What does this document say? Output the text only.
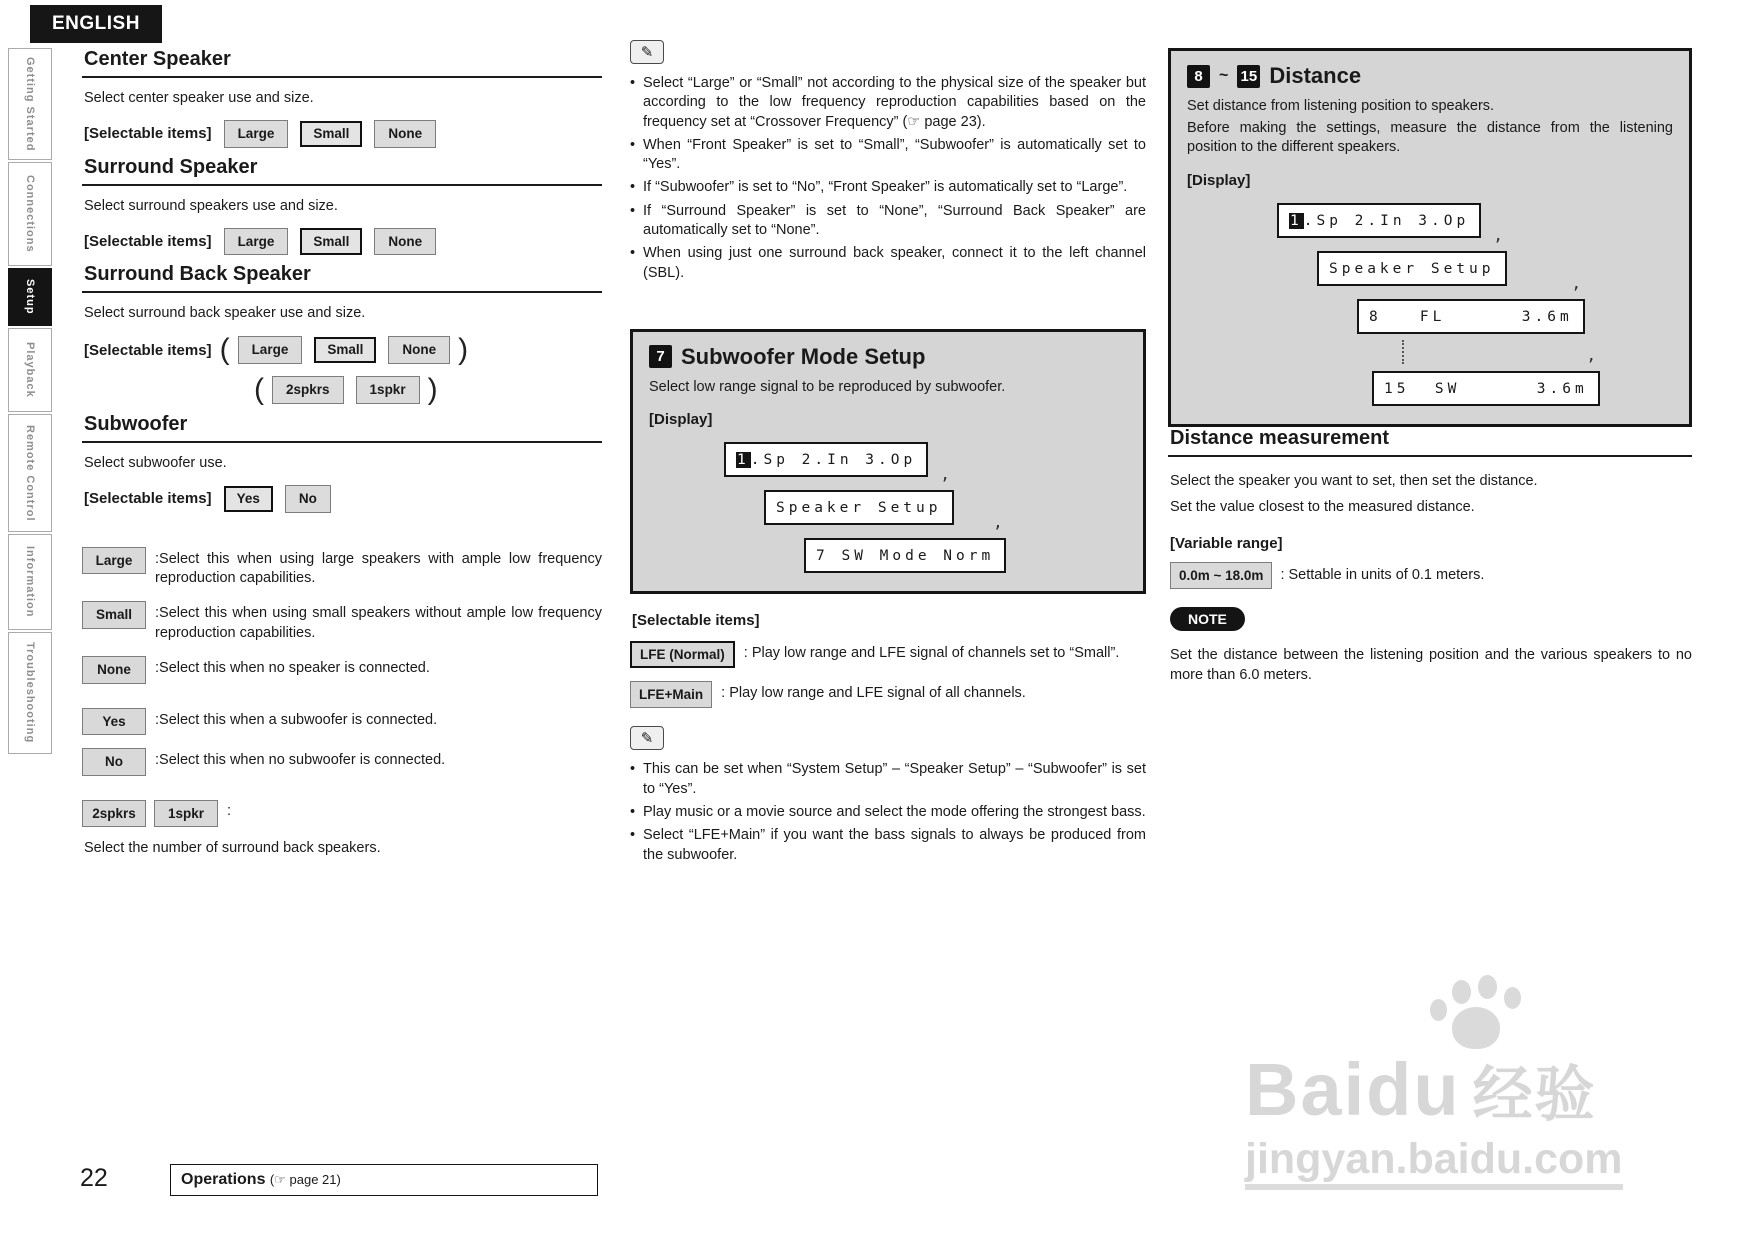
ENGLISH
Getting Started
Connections
Setup
Playback
Remote Control
Information
Troubleshooting
Center Speaker

Select center speaker use and size.

[Selectable items]	Large	Small	None
Surround Speaker

Select surround speakers use and size.

[Selectable items]	Large	Small	None
Surround Back Speaker

Select surround back speaker use and size.

[Selectable items] (	Large	Small	None )
(	2spkrs	1spkr )
Subwoofer

Select subwoofer use.

[Selectable items]	Yes	No
Large	:Select this when using large speakers with ample low frequency reproduction capabilities.
Small	:Select this when using small speakers without ample low frequency reproduction capabilities.
None	:Select this when no speaker is connected.
Yes	:Select this when a subwoofer is connected.
No	:Select this when no subwoofer is connected.
2spkrs	1spkr	:

Select the number of surround back speakers.

✎
• Select “Large” or “Small” not according to the physical size of the speaker but according to the low frequency reproduction capabilities based on the frequency set at “Crossover Frequency” (☞ page 23).
• When “Front Speaker” is set to “Small”, “Subwoofer” is automatically set to “Yes”.
• If “Subwoofer” is set to “No”, “Front Speaker” is automatically set to “Large”.
• If “Surround Speaker” is set to “None”, “Surround Back Speaker” are automatically set to “None”.
• When using just one surround back speaker, connect it to the left channel (SBL).
7 Subwoofer Mode Setup

Select low range signal to be reproduced by subwoofer.

[Display]
1.Sp 2.In 3.Op
Speaker Setup ’
7 SW Mode Norm ’
[Selectable items]
LFE (Normal)	: Play low range and LFE signal of channels set to “Small”.
LFE+Main	: Play low range and LFE signal of all channels.
✎
• This can be set when “System Setup” – “Speaker Setup” – “Subwoofer” is set to “Yes”.
• Play music or a movie source and select the mode offering the strongest bass.
• Select “LFE+Main” if you want the bass signals to always be produced from the subwoofer.
8	~ 15 Distance

Set distance from listening position to speakers.

Before making the settings, measure the distance from the listening position to the different speakers.

[Display]
1.Sp 2.In 3.Op
Speaker Setup ’
8   FL      3.6m ’
15  SW      3.6m ’
Distance measurement

Select the speaker you want to set, then set the distance.

Set the value closest to the measured distance.

[Variable range]
0.0m ~ 18.0m	: Settable in units of 0.1 meters.
NOTE

Set the distance between the listening position and the various speakers to no more than 6.0 meters.

22	Operations (☞ page 21)
Baidu 经验
jingyan.baidu.com
